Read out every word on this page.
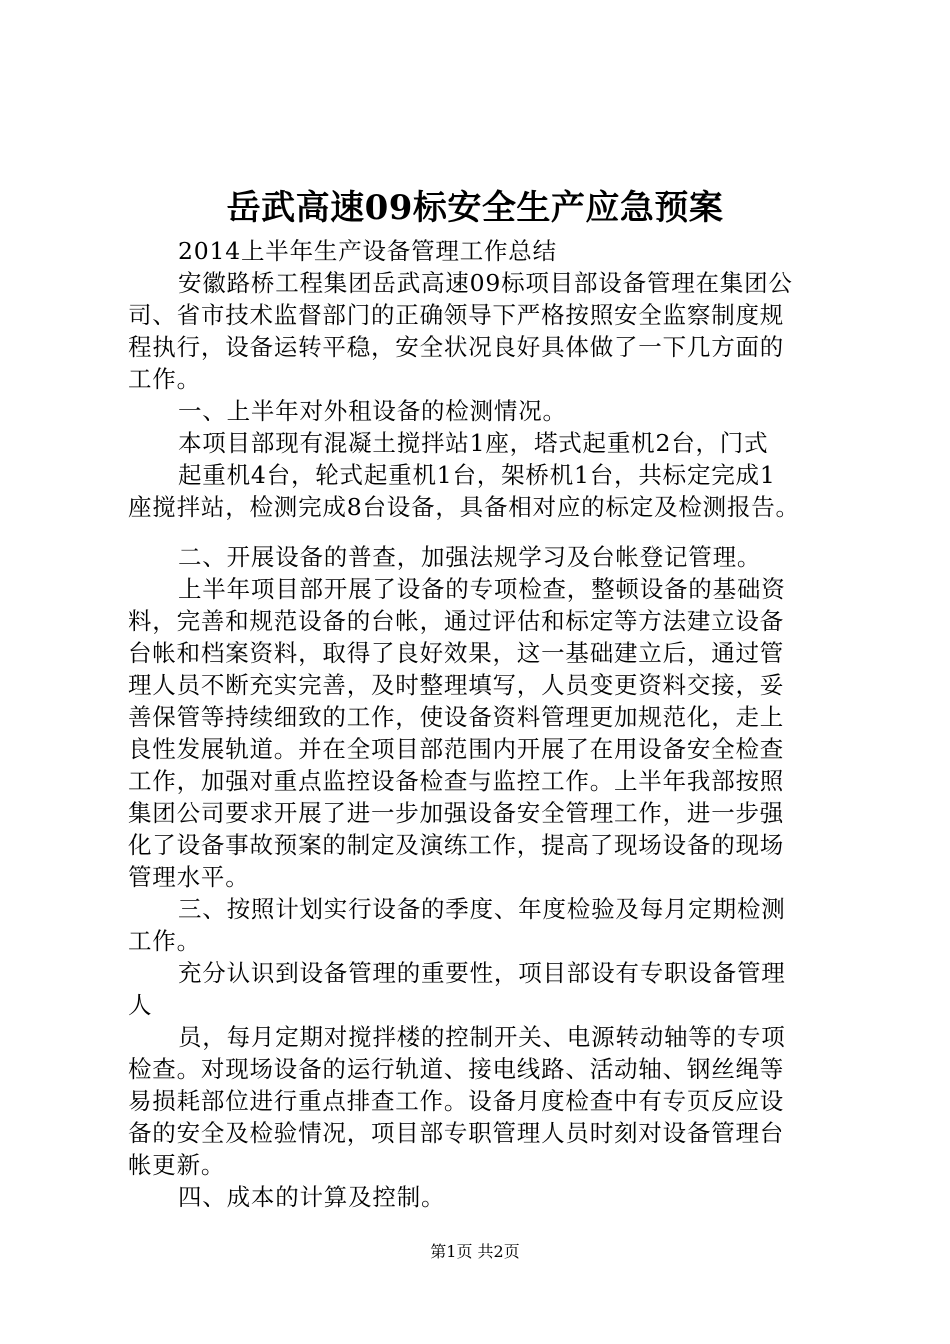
岳武高速09标安全生产应急预案
2014上半年生产设备管理工作总结
安徽路桥工程集团岳武高速09标项目部设备管理在集团公
司、省市技术监督部门的正确领导下严格按照安全监察制度规
程执行，设备运转平稳，安全状况良好具体做了一下几方面的
工作。
一、上半年对外租设备的检测情况。
本项目部现有混凝土搅拌站1座，塔式起重机2台，门式
起重机4台，轮式起重机1台，架桥机1台，共标定完成1
座搅拌站，检测完成8台设备，具备相对应的标定及检测报告。
二、开展设备的普查，加强法规学习及台帐登记管理。
上半年项目部开展了设备的专项检查，整顿设备的基础资
料，完善和规范设备的台帐，通过评估和标定等方法建立设备
台帐和档案资料，取得了良好效果，这一基础建立后，通过管
理人员不断充实完善，及时整理填写，人员变更资料交接，妥
善保管等持续细致的工作，使设备资料管理更加规范化，走上
良性发展轨道。并在全项目部范围内开展了在用设备安全检查
工作，加强对重点监控设备检查与监控工作。上半年我部按照
集团公司要求开展了进一步加强设备安全管理工作，进一步强
化了设备事故预案的制定及演练工作，提高了现场设备的现场
管理水平。
三、按照计划实行设备的季度、年度检验及每月定期检测
工作。
充分认识到设备管理的重要性，项目部设有专职设备管理
人
员，每月定期对搅拌楼的控制开关、电源转动轴等的专项
检查。对现场设备的运行轨道、接电线路、活动轴、钢丝绳等
易损耗部位进行重点排查工作。设备月度检查中有专页反应设
备的安全及检验情况，项目部专职管理人员时刻对设备管理台
帐更新。
四、成本的计算及控制。
第1页 共2页
